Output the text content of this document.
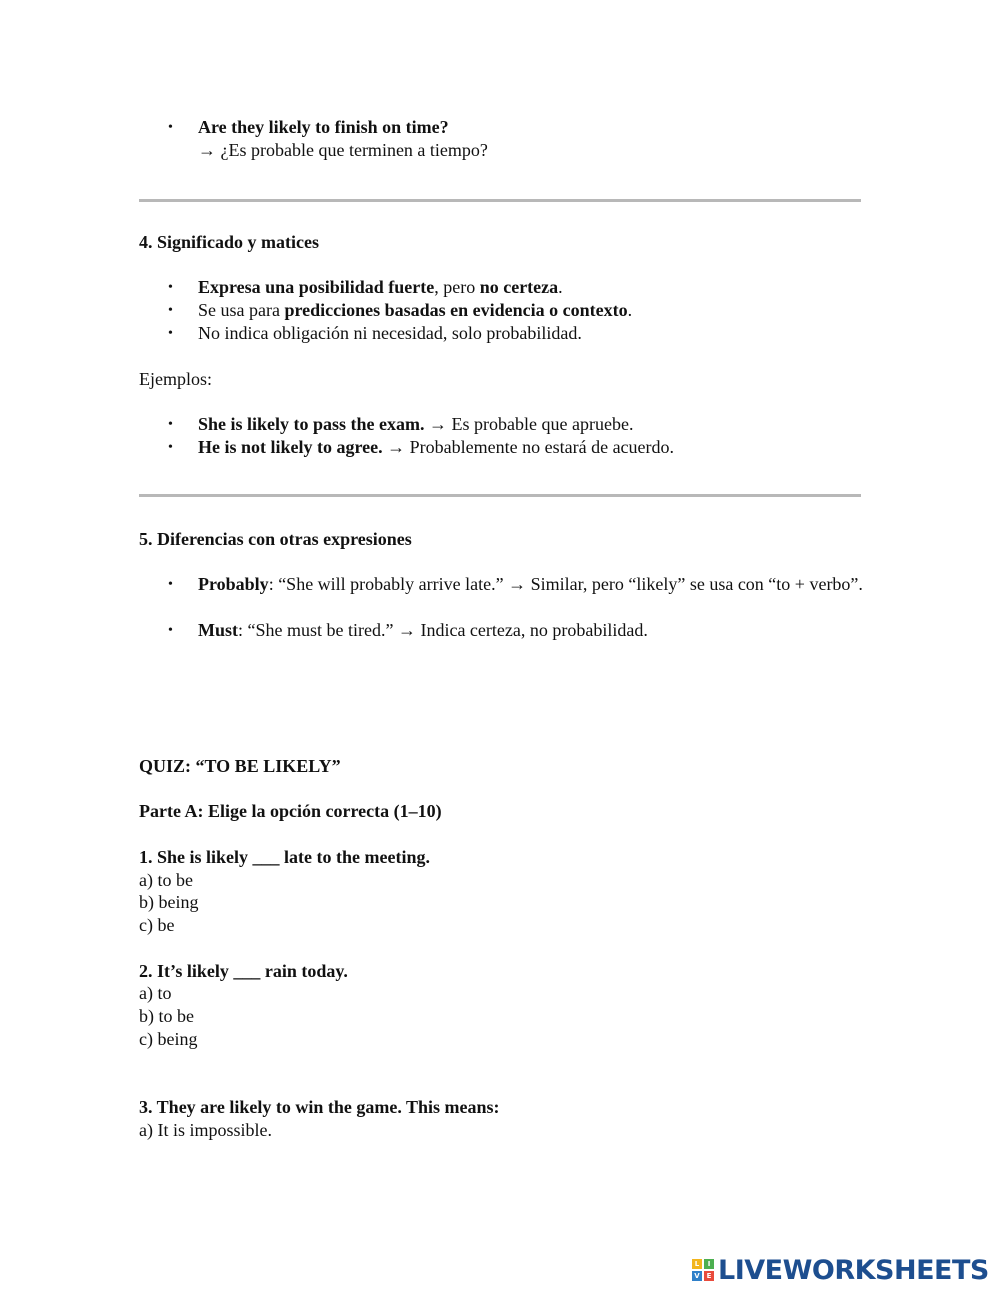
• Are they likely to finish on time?
→ ¿Es probable que terminen a tiempo?
4. Significado y matices
• Expresa una posibilidad fuerte, pero no certeza.
• Se usa para predicciones basadas en evidencia o contexto.
• No indica obligación ni necesidad, solo probabilidad.
Ejemplos:
• She is likely to pass the exam. → Es probable que apruebe.
• He is not likely to agree. → Probablemente no estará de acuerdo.
5. Diferencias con otras expresiones
• Probably: “She will probably arrive late.” → Similar, pero “likely” se usa con “to + verbo”.
• Must: “She must be tired.” → Indica certeza, no probabilidad.
QUIZ: “TO BE LIKELY”
Parte A: Elige la opción correcta (1–10)
1. She is likely ___ late to the meeting.
a) to be
b) being
c) be
2. It’s likely ___ rain today.
a) to
b) to be
c) being
3. They are likely to win the game. This means:
a) It is impossible.
L	I
V E LIVEWORKSHEETS
